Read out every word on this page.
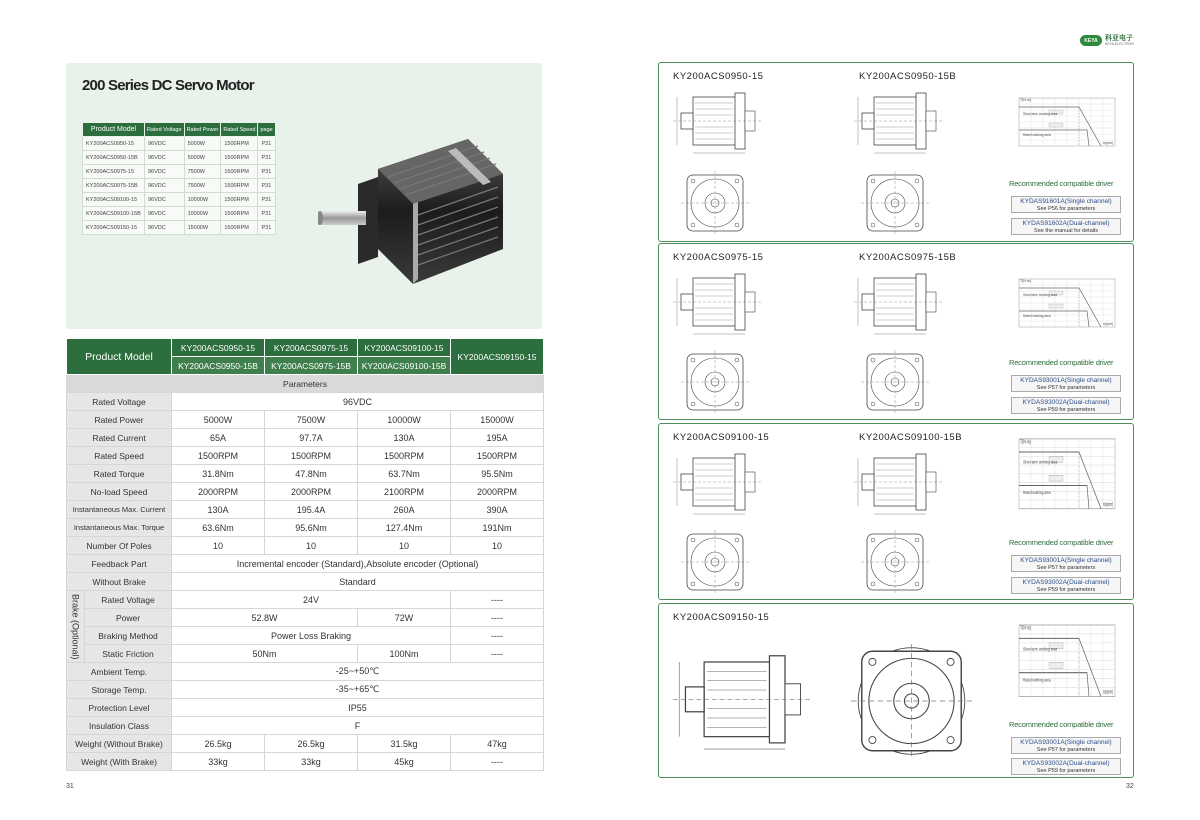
200 Series DC Servo Motor
Product Model	Rated Voltage	Rated Power	Rated Speed	page
KY200ACS0950-15	96VDC	5000W	1500RPM	P31
KY200ACS0950-15B	96VDC	5000W	1500RPM	P31
KY200ACS0975-15	96VDC	7500W	1500RPM	P31
KY200ACS0975-15B	96VDC	7500W	1500RPM	P31
KY200ACS09100-15	96VDC	10000W	1500RPM	P31
KY200ACS09100-15B	96VDC	10000W	1500RPM	P31
KY200ACS09150-15	96VDC	15000W	1500RPM	P31
Product Model		KY200ACS0950-15	KY200ACS0975-15	KY200ACS09100-15	KY200ACS09150-15
		KY200ACS0950-15B	KY200ACS0975-15B	KY200ACS09100-15B	
Parameters					
Rated Voltage		96VDC			
Rated Power		5000W	7500W	10000W	15000W
Rated Current		65A	97.7A	130A	195A
Rated Speed		1500RPM	1500RPM	1500RPM	1500RPM
Rated Torque		31.8Nm	47.8Nm	63.7Nm	95.5Nm
No-load Speed		2000RPM	2000RPM	2100RPM	2000RPM
Instantaneous Max. Current		130A	195.4A	260A	390A
Instantaneous Max. Torque		63.6Nm	95.6Nm	127.4Nm	191Nm
Number Of Poles		10	10	10	10
Feedback Part		Incremental encoder (Standard),Absolute encoder (Optional)			
Without Brake		Standard			
Brake (Optional)	Rated Voltage	24V			----
	Power	52.8W		72W	----
	Braking Method	Power Loss Braking			----
	Static Friction	50Nm		100Nm	----
Ambient Temp.		-25~+50℃			
Storage Temp.		-35~+65℃			
Protection Level		IP55			
Insulation Class		F			
Weight (Without Brake)		26.5kg	26.5kg	31.5kg	47kg
Weight (With Brake)		33kg	33kg	45kg	----
31
KEYA	科亚电子
KEYA ELECTRON
KY200ACS0950-15	KY200ACS0950-15B
T(N·m)
n(rpm)
Short-term working area
Rated working area
Recommended compatible driver
KYDAS91601A(Single channel)
See P56 for parameters
KYDAS91602A(Dual-channel)
See the manual for details
KY200ACS0975-15	KY200ACS0975-15B
T(N·m)
n(rpm)
Short-term working area
Rated working area
Recommended compatible driver
KYDAS93001A(Single channel)
See P57 for parameters
KYDAS93002A(Dual-channel)
See P59 for parameters
KY200ACS09100-15	KY200ACS09100-15B	T(N·m)
n(rpm)
Short-term working area
Rated working area
Recommended compatible driver
KYDAS93001A(Single channel)
See P57 for parameters
KYDAS93002A(Dual-channel)
See P59 for parameters
KY200ACS09150-15
T(N·m)
n(rpm)
Short-term working area
Rated working area
Recommended compatible driver
KYDAS93001A(Single channel)
See P57 for parameters
KYDAS93002A(Dual-channel)
See P59 for parameters
32
